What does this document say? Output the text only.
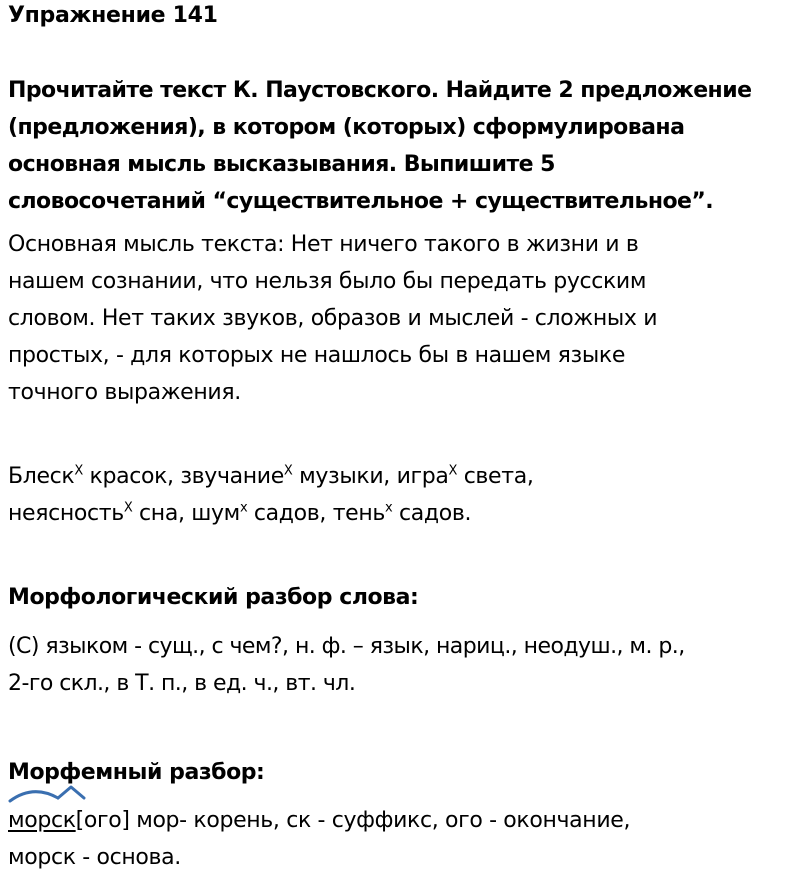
Упражнение 141
Прочитайте текст К. Паустовского. Найдите 2 предложение
(предложения), в котором (которых) сформулирована
основная мысль высказывания. Выпишите 5
словосочетаний “существительное + существительное”.
Основная мысль текста: Нет ничего такого в жизни и в
нашем сознании, что нельзя было бы передать русским
словом. Нет таких звуков, образов и мыслей - сложных и
простых, - для которых не нашлось бы в нашем языке
точного выражения.
Блеск$^X$ красок, звучание$^X$ музыки, игра$^X$ света,
неясность$^X$ сна, шум$^x$ садов, тень$^x$ садов.
Морфологический разбор слова:
(С) языком - сущ., с чем?, н. ф. – язык, нариц., неодуш., м. р.,
2-го скл., в Т. п., в ед. ч., вт. чл.
Морфемный разбор:
морск[ого] мор- корень, ск - суффикс, ого - окончание,
морск - основа.
